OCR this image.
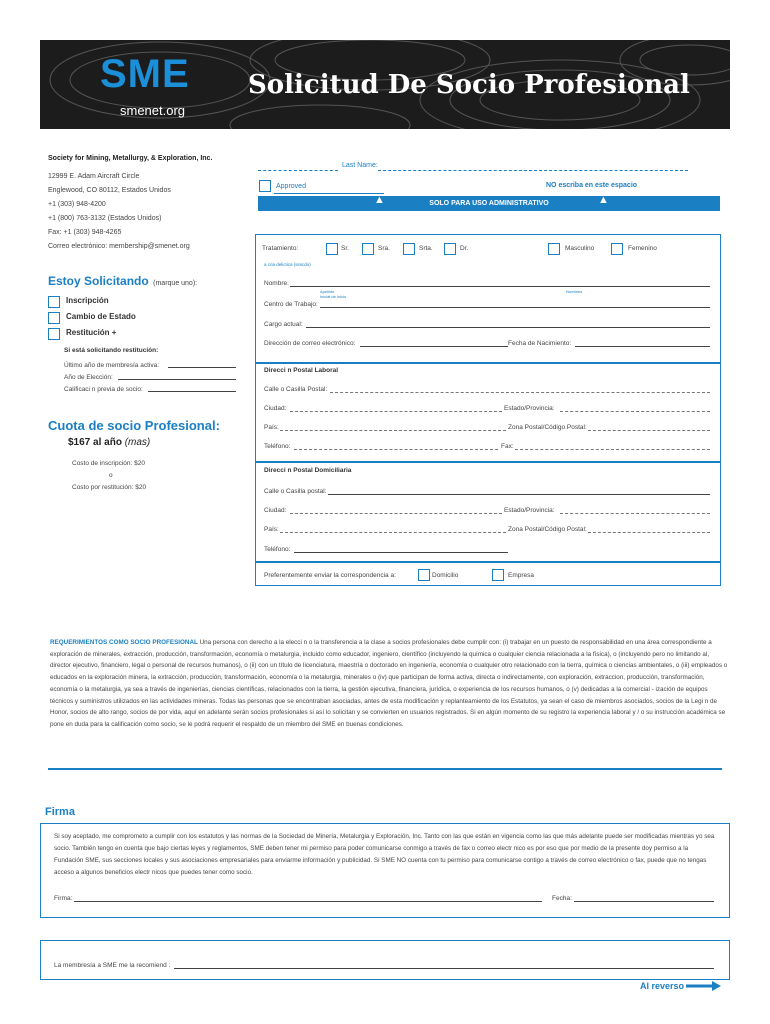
SME
smenet.org
Solicitud De Socio Profesional
Society for Mining, Metallurgy, & Exploration, Inc.
12999 E. Adam Aircraft Circle
Englewood, CO 80112, Estados Unidos
+1 (303) 948-4200
+1 (800) 763-3132 (Estados Unidos)
Fax: +1 (303) 948-4265
Correo electrónico: membership@smenet.org
Last Name:
Approved	NO escriba en este espacio
SOLO PARA USO ADMINISTRATIVO
▲	▲
Estoy Solicitando (marque uno):
Inscripción
Cambio de Estado
Restitución +
Si está solicitando restitución:
Último año de membresía activa:
Año de Elección:
Calificaci n previa de socio:
Cuota de socio Profesional:
$167 al año (mas)
Costo de inscripción: $20
o
Costo por restitución: $20
Tratamiento:	Sr.	Sra.	Srta.	Dr.	Masculino	Femenino
a cria delictica (sinicdo)
Nombre:
Apellido
Inicial de Inicio
Nombres
Centro de Trabajo:
Cargo actual:
Dirección de correo electrónico:	Fecha de Nacimiento:
Direcci n Postal Laboral
Calle o Casilla Postal:
Ciudad:	Estado/Provincia:
País:	Zona Postal/Código Postal:
Teléfono:	Fax:
Direcci n Postal Domiciliaria
Calle o Casilla postal:
Ciudad:	Estado/Provincia:
País:	Zona Postal/Código Postal:
Teléfono:
Preferentemente enviar la correspondencia a:	Domicilio	Empresa
REQUERIMIENTOS COMO SOCIO PROFESIONAL Una persona con derecho a la elecci n o la transferencia a la clase a socios profesionales debe cumplir con: (i) trabajar en un puesto de responsabilidad en una área correspondiente a exploración de minerales, extracción, producción, transformación, economía o metalurgia, incluido como educador, ingeniero, científico (incluyendo la química o cualquier ciencia relacionada a la física), o (incluyendo pero no limitando al, director ejecutivo, financiero, legal o personal de recursos humanos), o (ii) con un título de licenciatura, maestría o doctorado en ingeniería, economía o cualquier otro relacionado con la tierra, química o ciencias ambientales, o (iii) empleados o educados en la exploración minera, la extracción, producción, transformación, economía o la metalurgia, minerales o (iv) que participan de forma activa, directa o indirectamente, con exploración, extraccion, producción, transformación, economía o la metalurgia, ya sea a través de ingenierías, ciencias científicas, relacionados con la tierra, la gestión ejecutiva, financiera, jurídica, o experiencia de los recursos humanos, o (v) dedicadas a la comercial - ización de equipos técnicos y suministros utilizados en las actividades mineras. Todas las personas que se encontraban asociadas, antes de esta modificación y replanteamiento de los Estatutos, ya sean el caso de miembros asociados, socios de la Legi n de Honor, socios de alto rango, socios de por vida, aquí en adelante serán socios profesionales si así lo solicitan y se convierten en usuarios registrados. Si en algún momento de su registro la experiencia laboral y / o su instrucción académica se pone en duda para la calificación como socio, se le podrá requerir el respaldo de un miembro del SME en buenas condiciones.
Firma
Si soy aceptado, me comprometo a cumplir con los estatutos y las normas de la Sociedad de Minería, Metalurgia y Exploración, Inc. Tanto con las que están en vigencia como las que más adelante puede ser modificadas mientras yo sea socio. También tengo en cuenta que bajo ciertas leyes y reglamentos, SME deben tener mi permiso para poder comunicarse conmigo a través de fax o correo electr nico es por eso que por medio de la presente doy permiso a la Fundación SME, sus secciones locales y sus asociaciones empresariales para enviarme información y publicidad. Si SME NO cuenta con tu permiso para comunicarse contigo a través de correo electrónico o fax, puede que no tengas acceso a algunos beneficios electr nicos que puedes tener como socio.
Firma:	Fecha:
La membresía a SME me la recomiend :
Al reverso
